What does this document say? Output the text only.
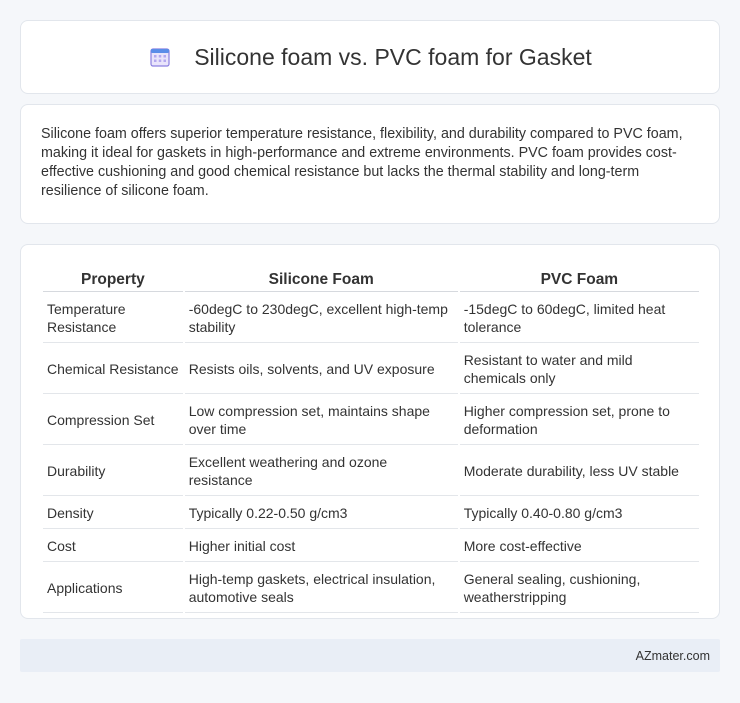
Silicone foam vs. PVC foam for Gasket

Silicone foam offers superior temperature resistance, flexibility, and durability compared to PVC foam, making it ideal for gaskets in high-performance and extreme environments. PVC foam provides cost-effective cushioning and good chemical resistance but lacks the thermal stability and long-term resilience of silicone foam.

Property	Silicone Foam	PVC Foam
Temperature Resistance	-60degC to 230degC, excellent high-temp stability	-15degC to 60degC, limited heat tolerance
Chemical Resistance	Resists oils, solvents, and UV exposure	Resistant to water and mild chemicals only
Compression Set	Low compression set, maintains shape over time	Higher compression set, prone to deformation
Durability	Excellent weathering and ozone resistance	Moderate durability, less UV stable
Density	Typically 0.22-0.50 g/cm3	Typically 0.40-0.80 g/cm3
Cost	Higher initial cost	More cost-effective
Applications	High-temp gaskets, electrical insulation, automotive seals	General sealing, cushioning, weatherstripping
AZmater.com
